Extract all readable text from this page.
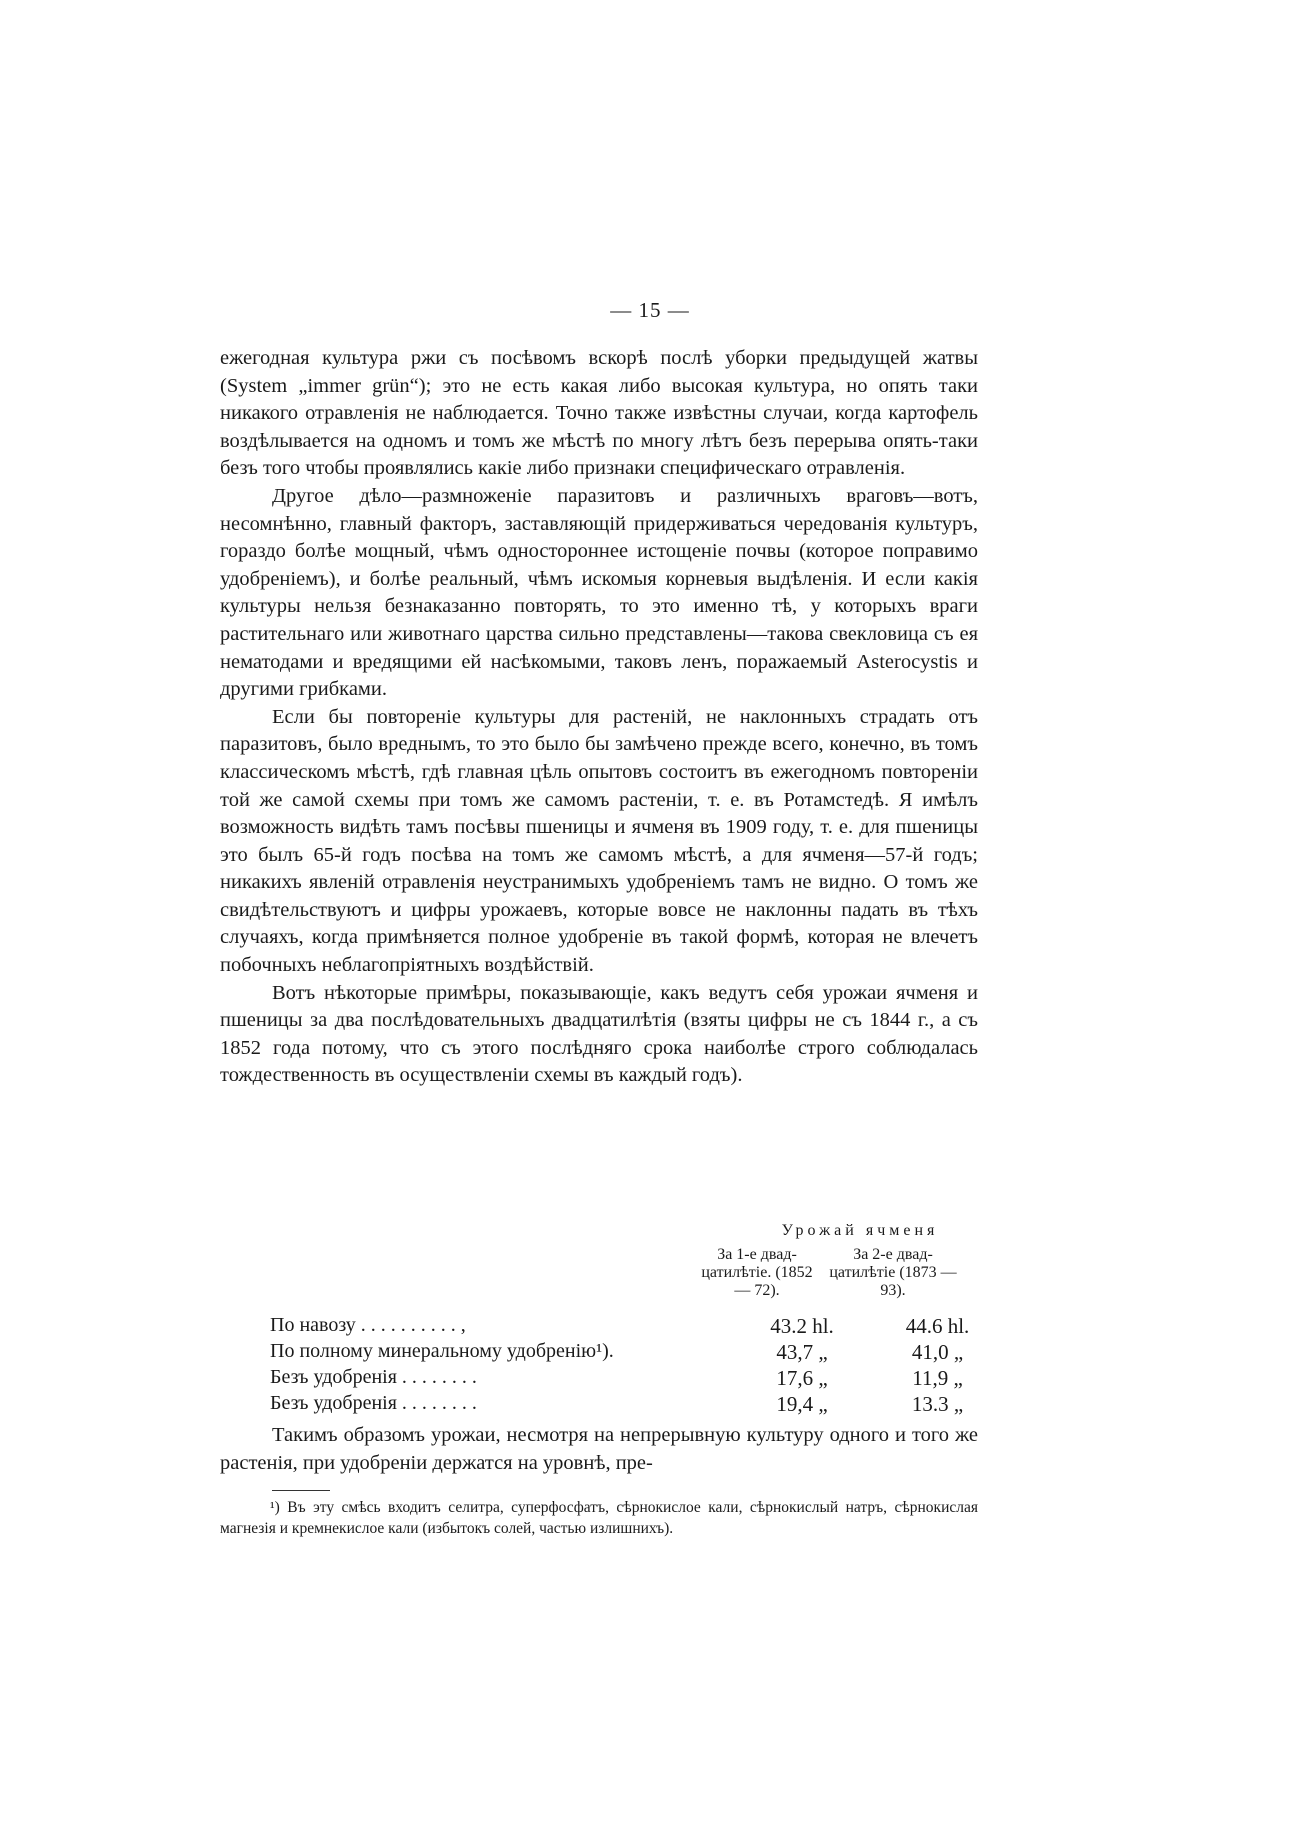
— 15 —

ежегодная культура ржи съ посѣвомъ вскорѣ послѣ уборки предыдущей жатвы (System „immer grün“); это не есть какая либо высокая культура, но опять таки никакого отравленія не наблюдается. Точно также извѣстны случаи, когда картофель воздѣлывается на одномъ и томъ же мѣстѣ по многу лѣтъ безъ перерыва опять-таки безъ того чтобы проявлялись какіе либо признаки специфическаго отравленія.

Другое дѣло—размноженіе паразитовъ и различныхъ враговъ—вотъ, несомнѣнно, главный факторъ, заставляющій придерживаться чередованія культуръ, гораздо болѣе мощный, чѣмъ одностороннее истощеніе почвы (которое поправимо удобреніемъ), и болѣе реальный, чѣмъ искомыя корневыя выдѣленія. И если какія культуры нельзя безнаказанно повторять, то это именно тѣ, у которыхъ враги растительнаго или животнаго царства сильно представлены—такова свекловица съ ея нематодами и вредящими ей насѣкомыми, таковъ ленъ, поражаемый Asterocystis и другими грибками.

Если бы повтореніе культуры для растеній, не наклонныхъ страдать отъ паразитовъ, было вреднымъ, то это было бы замѣчено прежде всего, конечно, въ томъ классическомъ мѣстѣ, гдѣ главная цѣль опытовъ состоитъ въ ежегодномъ повтореніи той же самой схемы при томъ же самомъ растеніи, т. е. въ Ротамстедѣ. Я имѣлъ возможность видѣть тамъ посѣвы пшеницы и ячменя въ 1909 году, т. е. для пшеницы это былъ 65-й годъ посѣва на томъ же самомъ мѣстѣ, а для ячменя—57-й годъ; никакихъ явленій отравленія неустранимыхъ удобреніемъ тамъ не видно. О томъ же свидѣтельствуютъ и цифры урожаевъ, которые вовсе не наклонны падать въ тѣхъ случаяхъ, когда примѣняется полное удобреніе въ такой формѣ, которая не влечетъ побочныхъ неблагопріятныхъ воздѣйствій.

Вотъ нѣкоторые примѣры, показывающіе, какъ ведутъ себя урожаи ячменя и пшеницы за два послѣдовательныхъ двадцатилѣтія (взяты цифры не съ 1844 г., а съ 1852 года потому, что съ этого послѣдняго срока наиболѣе строго соблюдалась тождественность въ осуществленіи схемы въ каждый годъ).

Урожай ячменя
За 1-е двад-цатилѣтіе. (1852 — 72).
За 2-е двад-цатилѣтіе (1873 — 93).
По навозу . . . . . . . . . . ,	43.2 hl.	44.6 hl.
По полному минеральному удобренію¹).	43,7 „	41,0 „
Безъ удобренія . . . . . . . .	17,6 „	11,9 „
Безъ удобренія . . . . . . . .	19,4 „	13.3 „

Такимъ образомъ урожаи, несмотря на непрерывную культуру одного и того же растенія, при удобреніи держатся на уровнѣ, пре-

¹) Въ эту смѣсь входитъ селитра, суперфосфатъ, сѣрнокислое кали, сѣрнокислый натръ, сѣрнокислая магнезія и кремнекислое кали (избытокъ солей, частью излишнихъ).
